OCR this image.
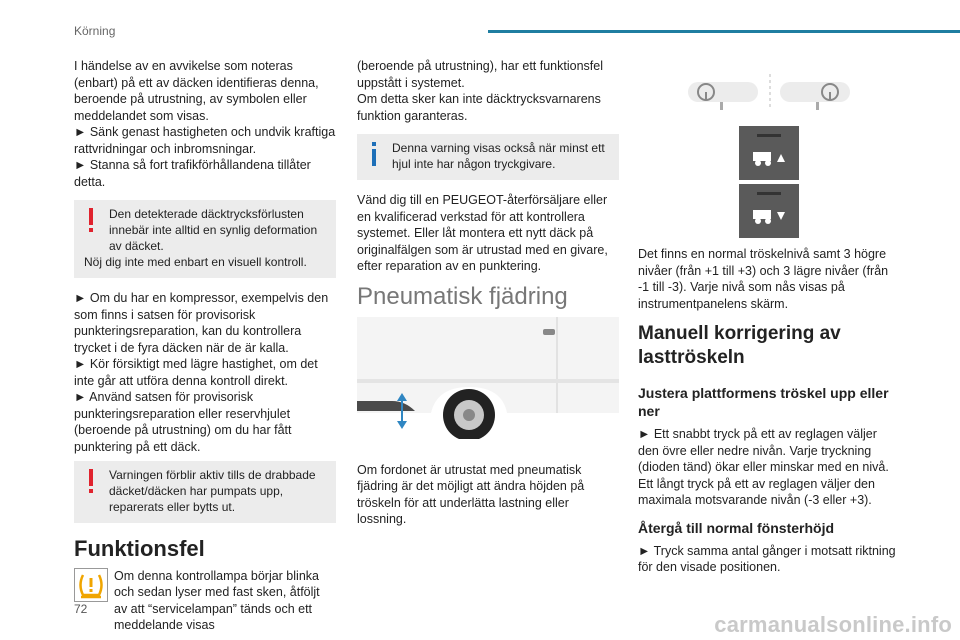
Körning

I händelse av en avvikelse som noteras (enbart) på ett av däcken identifieras denna, beroende på utrustning, av symbolen eller meddelandet som visas.

► Sänk genast hastigheten och undvik kraftiga rattvridningar och inbromsningar.

► Stanna så fort trafikförhållandena tillåter detta.

Den detekterade däcktrycksförlusten innebär inte alltid en synlig deformation av däcket.

Nöj dig inte med enbart en visuell kontroll.

► Om du har en kompressor, exempelvis den som finns i satsen för provisorisk punkteringsreparation, kan du kontrollera trycket i de fyra däcken när de är kalla.

► Kör försiktigt med lägre hastighet, om det inte går att utföra denna kontroll direkt.

► Använd satsen för provisorisk punkteringsreparation eller reservhjulet (beroende på utrustning) om du har fått punktering på ett däck.

Varningen förblir aktiv tills de drabbade däcket/däcken har pumpats upp, reparerats eller bytts ut.

Funktionsfel

Om denna kontrollampa börjar blinka och sedan lyser med fast sken, åtföljt av att “servicelampan” tänds och ett meddelande visas

(beroende på utrustning), har ett funktionsfel uppstått i systemet.

Om detta sker kan inte däcktrycksvarnarens funktion garanteras.

Denna varning visas också när minst ett hjul inte har någon tryckgivare.

Vänd dig till en PEUGEOT-återförsäljare eller en kvalificerad verkstad för att kontrollera systemet. Eller låt montera ett nytt däck på originalfälgen som är utrustad med en givare, efter reparation av en punktering.

Pneumatisk fjädring

Om fordonet är utrustat med pneumatisk fjädring är det möjligt att ändra höjden på tröskeln för att underlätta lastning eller lossning.

Det finns en normal tröskelnivå samt 3 högre nivåer (från +1 till +3) och 3 lägre nivåer (från -1 till -3). Varje nivå som nås visas på instrumentpanelens skärm.

Manuell korrigering av lasttröskeln
Justera plattformens tröskel upp eller ner

► Ett snabbt tryck på ett av reglagen väljer den övre eller nedre nivån. Varje tryckning (dioden tänd) ökar eller minskar med en nivå.

Ett långt tryck på ett av reglagen väljer den maximala motsvarande nivån (-3 eller +3).

Återgå till normal fönsterhöjd

► Tryck samma antal gånger i motsatt riktning för den visade positionen.

72
carmanualsonline.info
